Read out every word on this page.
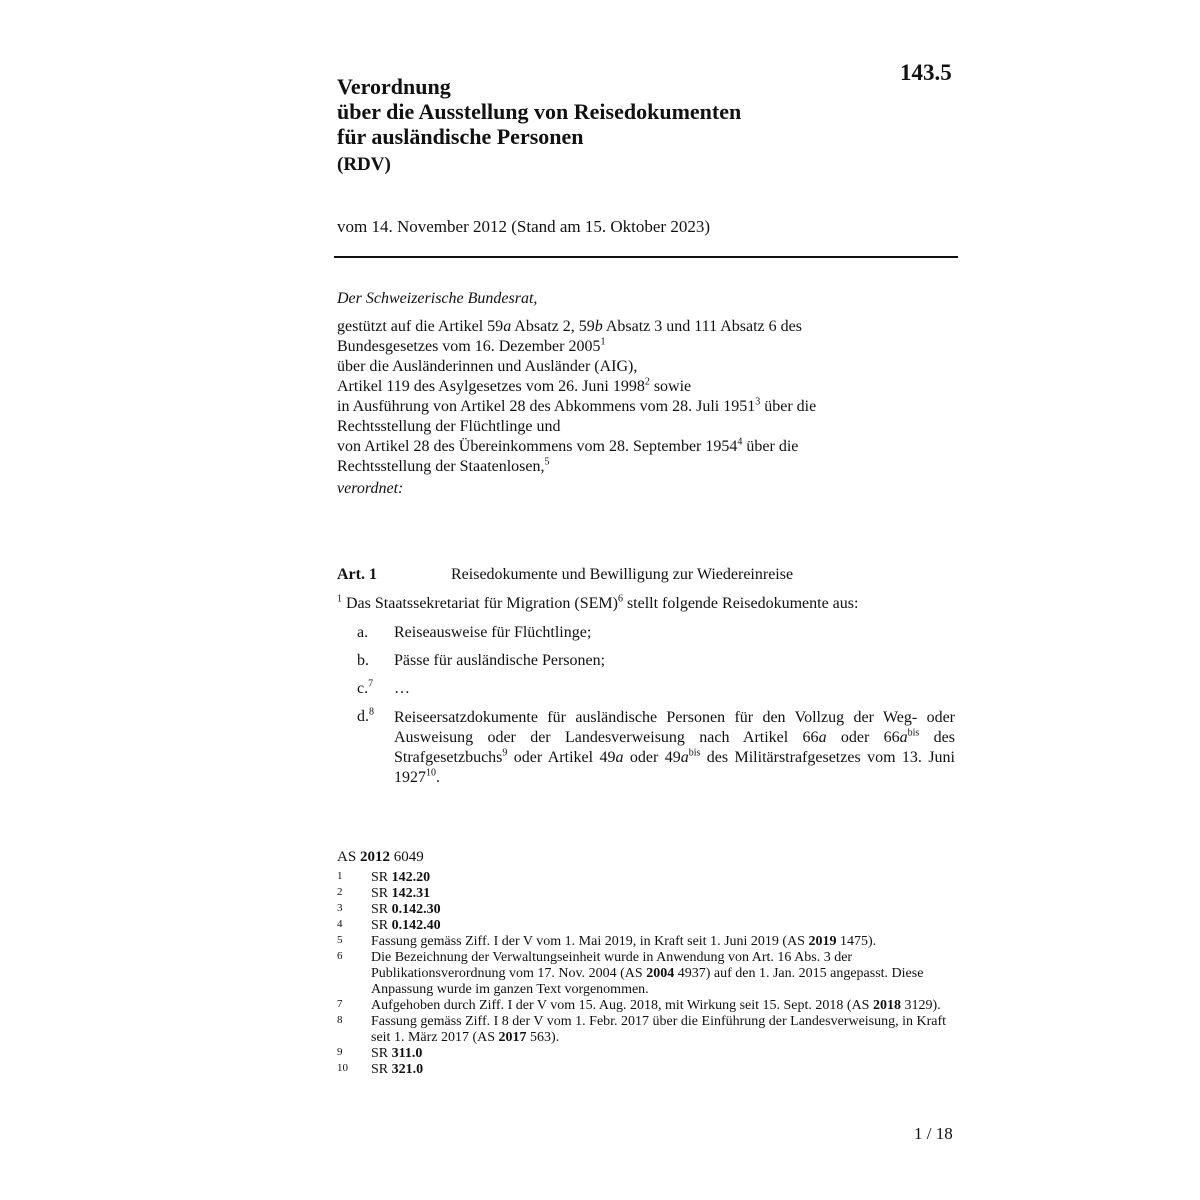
143.5
Verordnung
über die Ausstellung von Reisedokumenten
für ausländische Personen
(RDV)
vom 14. November 2012 (Stand am 15. Oktober 2023)
Der Schweizerische Bundesrat,
gestützt auf die Artikel 59a Absatz 2, 59b Absatz 3 und 111 Absatz 6 des
Bundesgesetzes vom 16. Dezember 2005$^1$
über die Ausländerinnen und Ausländer (AIG),
Artikel 119 des Asylgesetzes vom 26. Juni 1998$^2$ sowie
in Ausführung von Artikel 28 des Abkommens vom 28. Juli 1951$^3$ über die
Rechtsstellung der Flüchtlinge und
von Artikel 28 des Übereinkommens vom 28. September 1954$^4$ über die
Rechtsstellung der Staatenlosen,$^5$
verordnet:
Art. 1	Reisedokumente und Bewilligung zur Wiedereinreise
$^1$ Das Staatssekretariat für Migration (SEM)$^6$ stellt folgende Reisedokumente aus:
a. Reiseausweise für Flüchtlinge;
b. Pässe für ausländische Personen;
c.$^7$ …
d.$^8$ Reiseersatzdokumente für ausländische Personen für den Vollzug der Weg- oder Ausweisung oder der Landesverweisung nach Artikel 66a oder $66a^{bis}$ des Strafgesetzbuchs$^9$ oder Artikel 49a oder $49a^{bis}$ des Militärstrafgesetzes vom 13. Juni 1927$^{10}$.
AS 2012 6049
1 SR 142.20
2 SR 142.31
3 SR 0.142.30
4 SR 0.142.40
5 Fassung gemäss Ziff. I der V vom 1. Mai 2019, in Kraft seit 1. Juni 2019 (AS 2019 1475).
6 Die Bezeichnung der Verwaltungseinheit wurde in Anwendung von Art. 16 Abs. 3 der Publikationsverordnung vom 17. Nov. 2004 (AS 2004 4937) auf den 1. Jan. 2015 angepasst. Diese Anpassung wurde im ganzen Text vorgenommen.
7 Aufgehoben durch Ziff. I der V vom 15. Aug. 2018, mit Wirkung seit 15. Sept. 2018 (AS 2018 3129).
8 Fassung gemäss Ziff. I 8 der V vom 1. Febr. 2017 über die Einführung der Landesverweisung, in Kraft seit 1. März 2017 (AS 2017 563).
9 SR 311.0
10 SR 321.0
1 / 18
